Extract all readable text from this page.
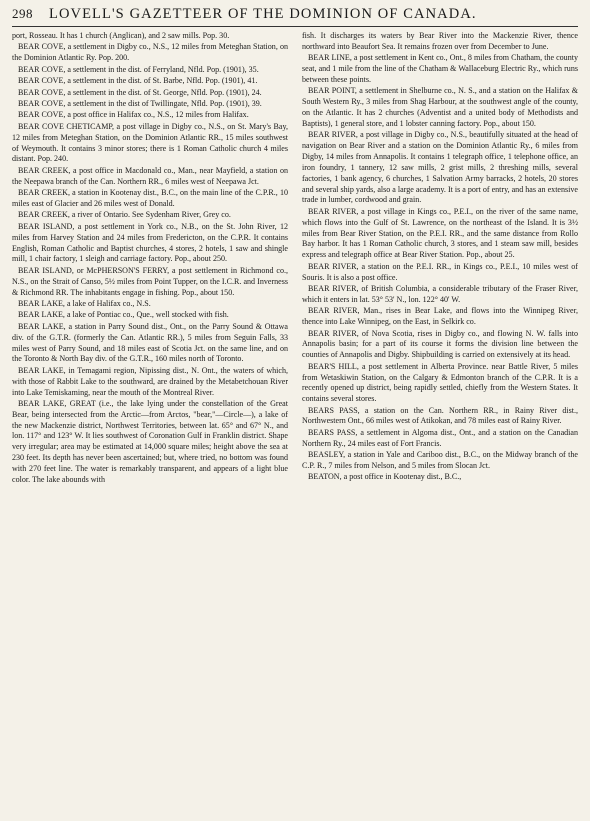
298 LOVELL'S GAZETTEER OF THE DOMINION OF CANADA.

port, Rosseau. It has 1 church (Anglican), and 2 saw mills. Pop. 30.

BEAR COVE, a settlement in Digby co., N.S., 12 miles from Meteghan Station, on the Dominion Atlantic Ry. Pop. 200.

BEAR COVE, a settlement in the dist. of Ferryland, Nfld. Pop. (1901), 35.

BEAR COVE, a settlement in the dist. of St. Barbe, Nfld. Pop. (1901), 41.

BEAR COVE, a settlement in the dist. of St. George, Nfld. Pop. (1901), 24.

BEAR COVE, a settlement in the dist of Twillingate, Nfld. Pop. (1901), 39.

BEAR COVE, a post office in Halifax co., N.S., 12 miles from Halifax.

BEAR COVE CHETICAMP, a post village in Digby co., N.S., on St. Mary's Bay, 12 miles from Meteghan Station, on the Dominion Atlantic RR., 15 miles southwest of Weymouth. It contains 3 minor stores; there is 1 Roman Catholic church 4 miles distant. Pop. 240.

BEAR CREEK, a post office in Macdonald co., Man., near Mayfield, a station on the Neepawa branch of the Can. Northern RR., 6 miles west of Neepawa Jct.

BEAR CREEK, a station in Kootenay dist., B.C., on the main line of the C.P.R., 10 miles east of Glacier and 26 miles west of Donald.

BEAR CREEK, a river of Ontario. See Sydenham River, Grey co.

BEAR ISLAND, a post settlement in York co., N.B., on the St. John River, 12 miles from Harvey Station and 24 miles from Fredericton, on the C.P.R. It contains English, Roman Catholic and Baptist churches, 4 stores, 2 hotels, 1 saw and shingle mill, 1 chair factory, 1 sleigh and carriage factory. Pop., about 250.

BEAR ISLAND, or McPHERSON'S FERRY, a post settlement in Richmond co., N.S., on the Strait of Canso, 5½ miles from Point Tupper, on the I.C.R. and Inverness & Richmond RR. The inhabitants engage in fishing. Pop., about 150.

BEAR LAKE, a lake of Halifax co., N.S.

BEAR LAKE, a lake of Pontiac co., Que., well stocked with fish.

BEAR LAKE, a station in Parry Sound dist., Ont., on the Parry Sound & Ottawa div. of the G.T.R. (formerly the Can. Atlantic RR.), 5 miles from Seguin Falls, 33 miles west of Parry Sound, and 18 miles east of Scotia Jct. on the same line, and on the Toronto & North Bay div. of the G.T.R., 160 miles north of Toronto.

BEAR LAKE, in Temagami region, Nipissing dist., N. Ont., the waters of which, with those of Rabbit Lake to the southward, are drained by the Metabetchouan River into Lake Temiskaming, near the mouth of the Montreal River.

BEAR LAKE, GREAT (i.e., the lake lying under the constellation of the Great Bear, being intersected from the Arctic—from Arctos, "bear,"—Circle—), a lake of the new Mackenzie district, Northwest Territories, between lat. 65° and 67° N., and lon. 117° and 123° W. It lies southwest of Coronation Gulf in Franklin district. Shape very irregular; area may be estimated at 14,000 square miles; height above the sea at 230 feet. Its depth has never been ascertained; but, where tried, no bottom was found with 270 feet line. The water is remarkably transparent, and appears of a light blue color. The lake abounds with

fish. It discharges its waters by Bear River into the Mackenzie River, thence northward into Beaufort Sea. It remains frozen over from December to June.

BEAR LINE, a post settlement in Kent co., Ont., 8 miles from Chatham, the county seat, and 1 mile from the line of the Chatham & Wallaceburg Electric Ry., which runs between these points.

BEAR POINT, a settlement in Shelburne co., N. S., and a station on the Halifax & South Western Ry., 3 miles from Shag Harbour, at the southwest angle of the county, on the Atlantic. It has 2 churches (Adventist and a united body of Methodists and Baptists), 1 general store, and 1 lobster canning factory. Pop., about 150.

BEAR RIVER, a post village in Digby co., N.S., beautifully situated at the head of navigation on Bear River and a station on the Dominion Atlantic Ry., 6 miles from Digby, 14 miles from Annapolis. It contains 1 telegraph office, 1 telephone office, an iron foundry, 1 tannery, 12 saw mills, 2 grist mills, 2 threshing mills, several factories, 1 bank agency, 6 churches, 1 Salvation Army barracks, 2 hotels, 20 stores and several ship yards, also a large academy. It is a port of entry, and has an extensive trade in lumber, cordwood and grain.

BEAR RIVER, a post village in Kings co., P.E.I., on the river of the same name, which flows into the Gulf of St. Lawrence, on the northeast of the Island. It is 3½ miles from Bear River Station, on the P.E.I. RR., and the same distance from Rollo Bay harbor. It has 1 Roman Catholic church, 3 stores, and 1 steam saw mill, besides express and telegraph office at Bear River Station. Pop., about 25.

BEAR RIVER, a station on the P.E.I. RR., in Kings co., P.E.I., 10 miles west of Souris. It is also a post office.

BEAR RIVER, of British Columbia, a considerable tributary of the Fraser River, which it enters in lat. 53° 53' N., lon. 122° 40' W.

BEAR RIVER, Man., rises in Bear Lake, and flows into the Winnipeg River, thence into Lake Winnipeg, on the East, in Selkirk co.

BEAR RIVER, of Nova Scotia, rises in Digby co., and flowing N. W. falls into Annapolis basin; for a part of its course it forms the division line between the counties of Annapolis and Digby. Shipbuilding is carried on extensively at its head.

BEAR'S HILL, a post settlement in Alberta Province. near Battle River, 5 miles from Wetaskiwin Station, on the Calgary & Edmonton branch of the C.P.R. It is a recently opened up district, being rapidly settled, chiefly from the Western States. It contains several stores.

BEARS PASS, a station on the Can. Northern RR., in Rainy River dist., Northwestern Ont., 66 miles west of Atikokan, and 78 miles east of Rainy River.

BEARS PASS, a settlement in Algoma dist., Ont., and a station on the Canadian Northern Ry., 24 miles east of Fort Francis.

BEASLEY, a station in Yale and Cariboo dist., B.C., on the Midway branch of the C.P. R., 7 miles from Nelson, and 5 miles from Slocan Jct.

BEATON, a post office in Kootenay dist., B.C.,
